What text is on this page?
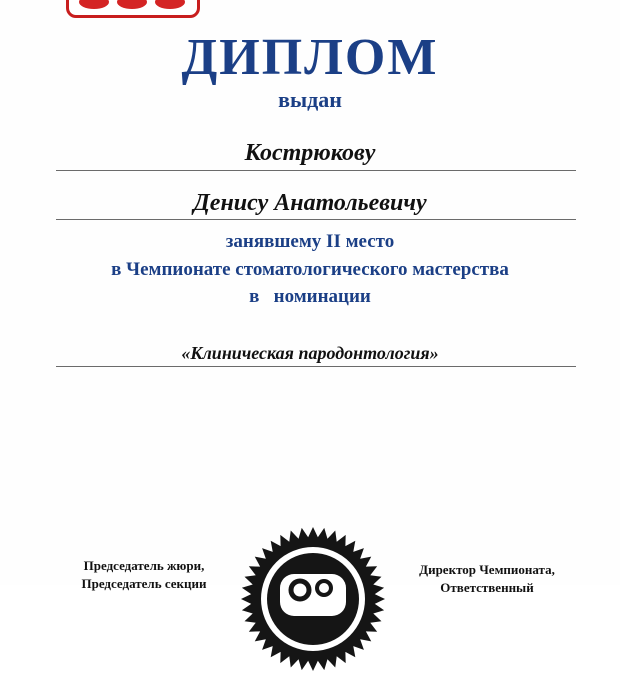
ДИПЛОМ
выдан
Кострюкову
Денису Анатольевичу
занявшему II место
в Чемпионате стоматологического мастерства
в   номинации
«Клиническая пародонтология»
Председатель жюри,
Председатель секции
Директор Чемпионата,
Ответственный
